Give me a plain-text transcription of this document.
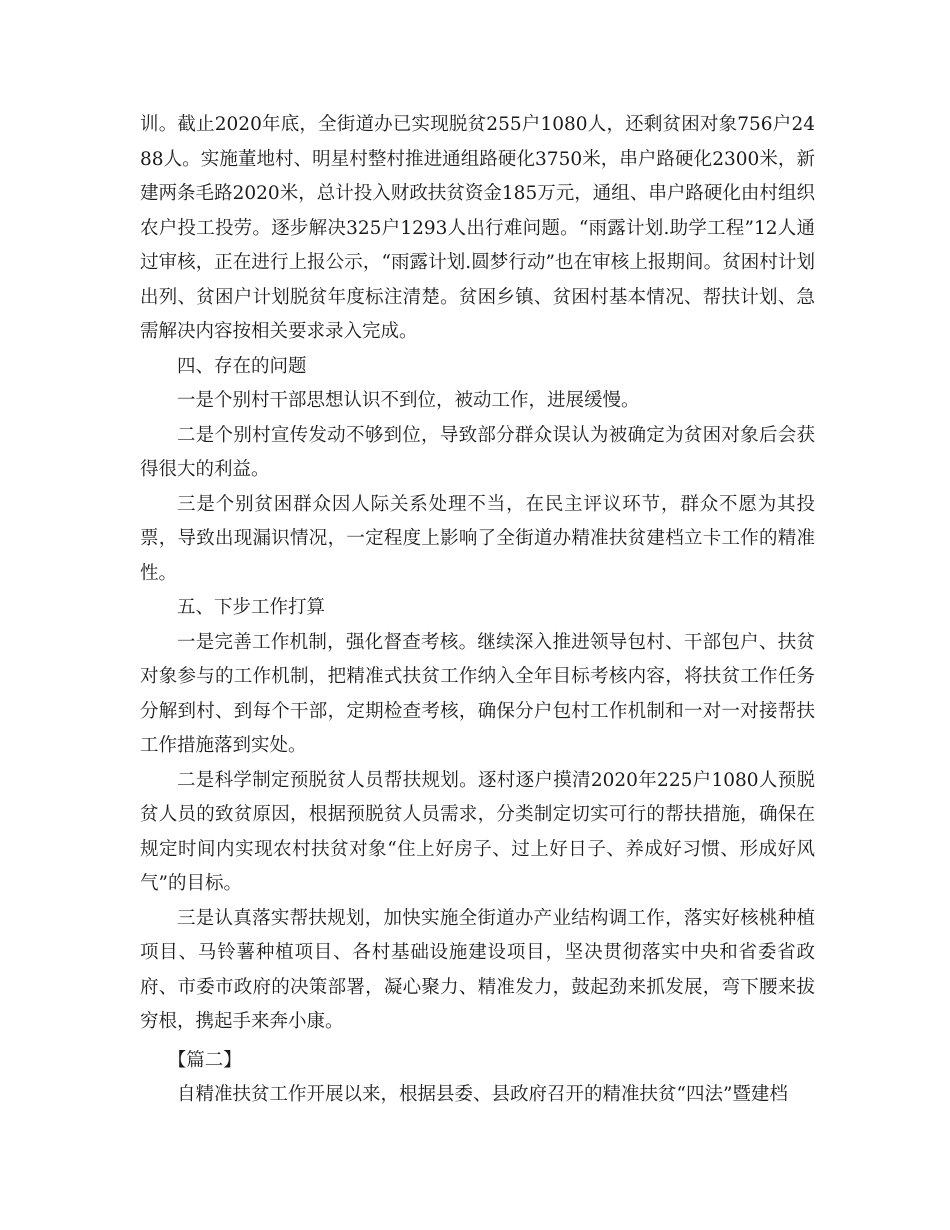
训。截止2020年底，全街道办已实现脱贫255户1080人，还剩贫困对象756户2488人。实施董地村、明星村整村推进通组路硬化3750米，串户路硬化2300米，新建两条毛路2020米，总计投入财政扶贫资金185万元，通组、串户路硬化由村组织农户投工投劳。逐步解决325户1293人出行难问题。“雨露计划.助学工程”12人通过审核，正在进行上报公示，“雨露计划.圆梦行动”也在审核上报期间。贫困村计划出列、贫困户计划脱贫年度标注清楚。贫困乡镇、贫困村基本情况、帮扶计划、急需解决内容按相关要求录入完成。

四、存在的问题

一是个别村干部思想认识不到位，被动工作，进展缓慢。

二是个别村宣传发动不够到位，导致部分群众误认为被确定为贫困对象后会获得很大的利益。

三是个别贫困群众因人际关系处理不当，在民主评议环节，群众不愿为其投票，导致出现漏识情况，一定程度上影响了全街道办精准扶贫建档立卡工作的精准性。

五、下步工作打算

一是完善工作机制，强化督查考核。继续深入推进领导包村、干部包户、扶贫对象参与的工作机制，把精准式扶贫工作纳入全年目标考核内容，将扶贫工作任务分解到村、到每个干部，定期检查考核，确保分户包村工作机制和一对一对接帮扶工作措施落到实处。

二是科学制定预脱贫人员帮扶规划。逐村逐户摸清2020年225户1080人预脱贫人员的致贫原因，根据预脱贫人员需求，分类制定切实可行的帮扶措施，确保在规定时间内实现农村扶贫对象“住上好房子、过上好日子、养成好习惯、形成好风气”的目标。

三是认真落实帮扶规划，加快实施全街道办产业结构调工作，落实好核桃种植项目、马铃薯种植项目、各村基础设施建设项目，坚决贯彻落实中央和省委省政府、市委市政府的决策部署，凝心聚力、精准发力，鼓起劲来抓发展，弯下腰来拔穷根，携起手来奔小康。

【篇二】

自精准扶贫工作开展以来，根据县委、县政府召开的精准扶贫“四法”暨建档
